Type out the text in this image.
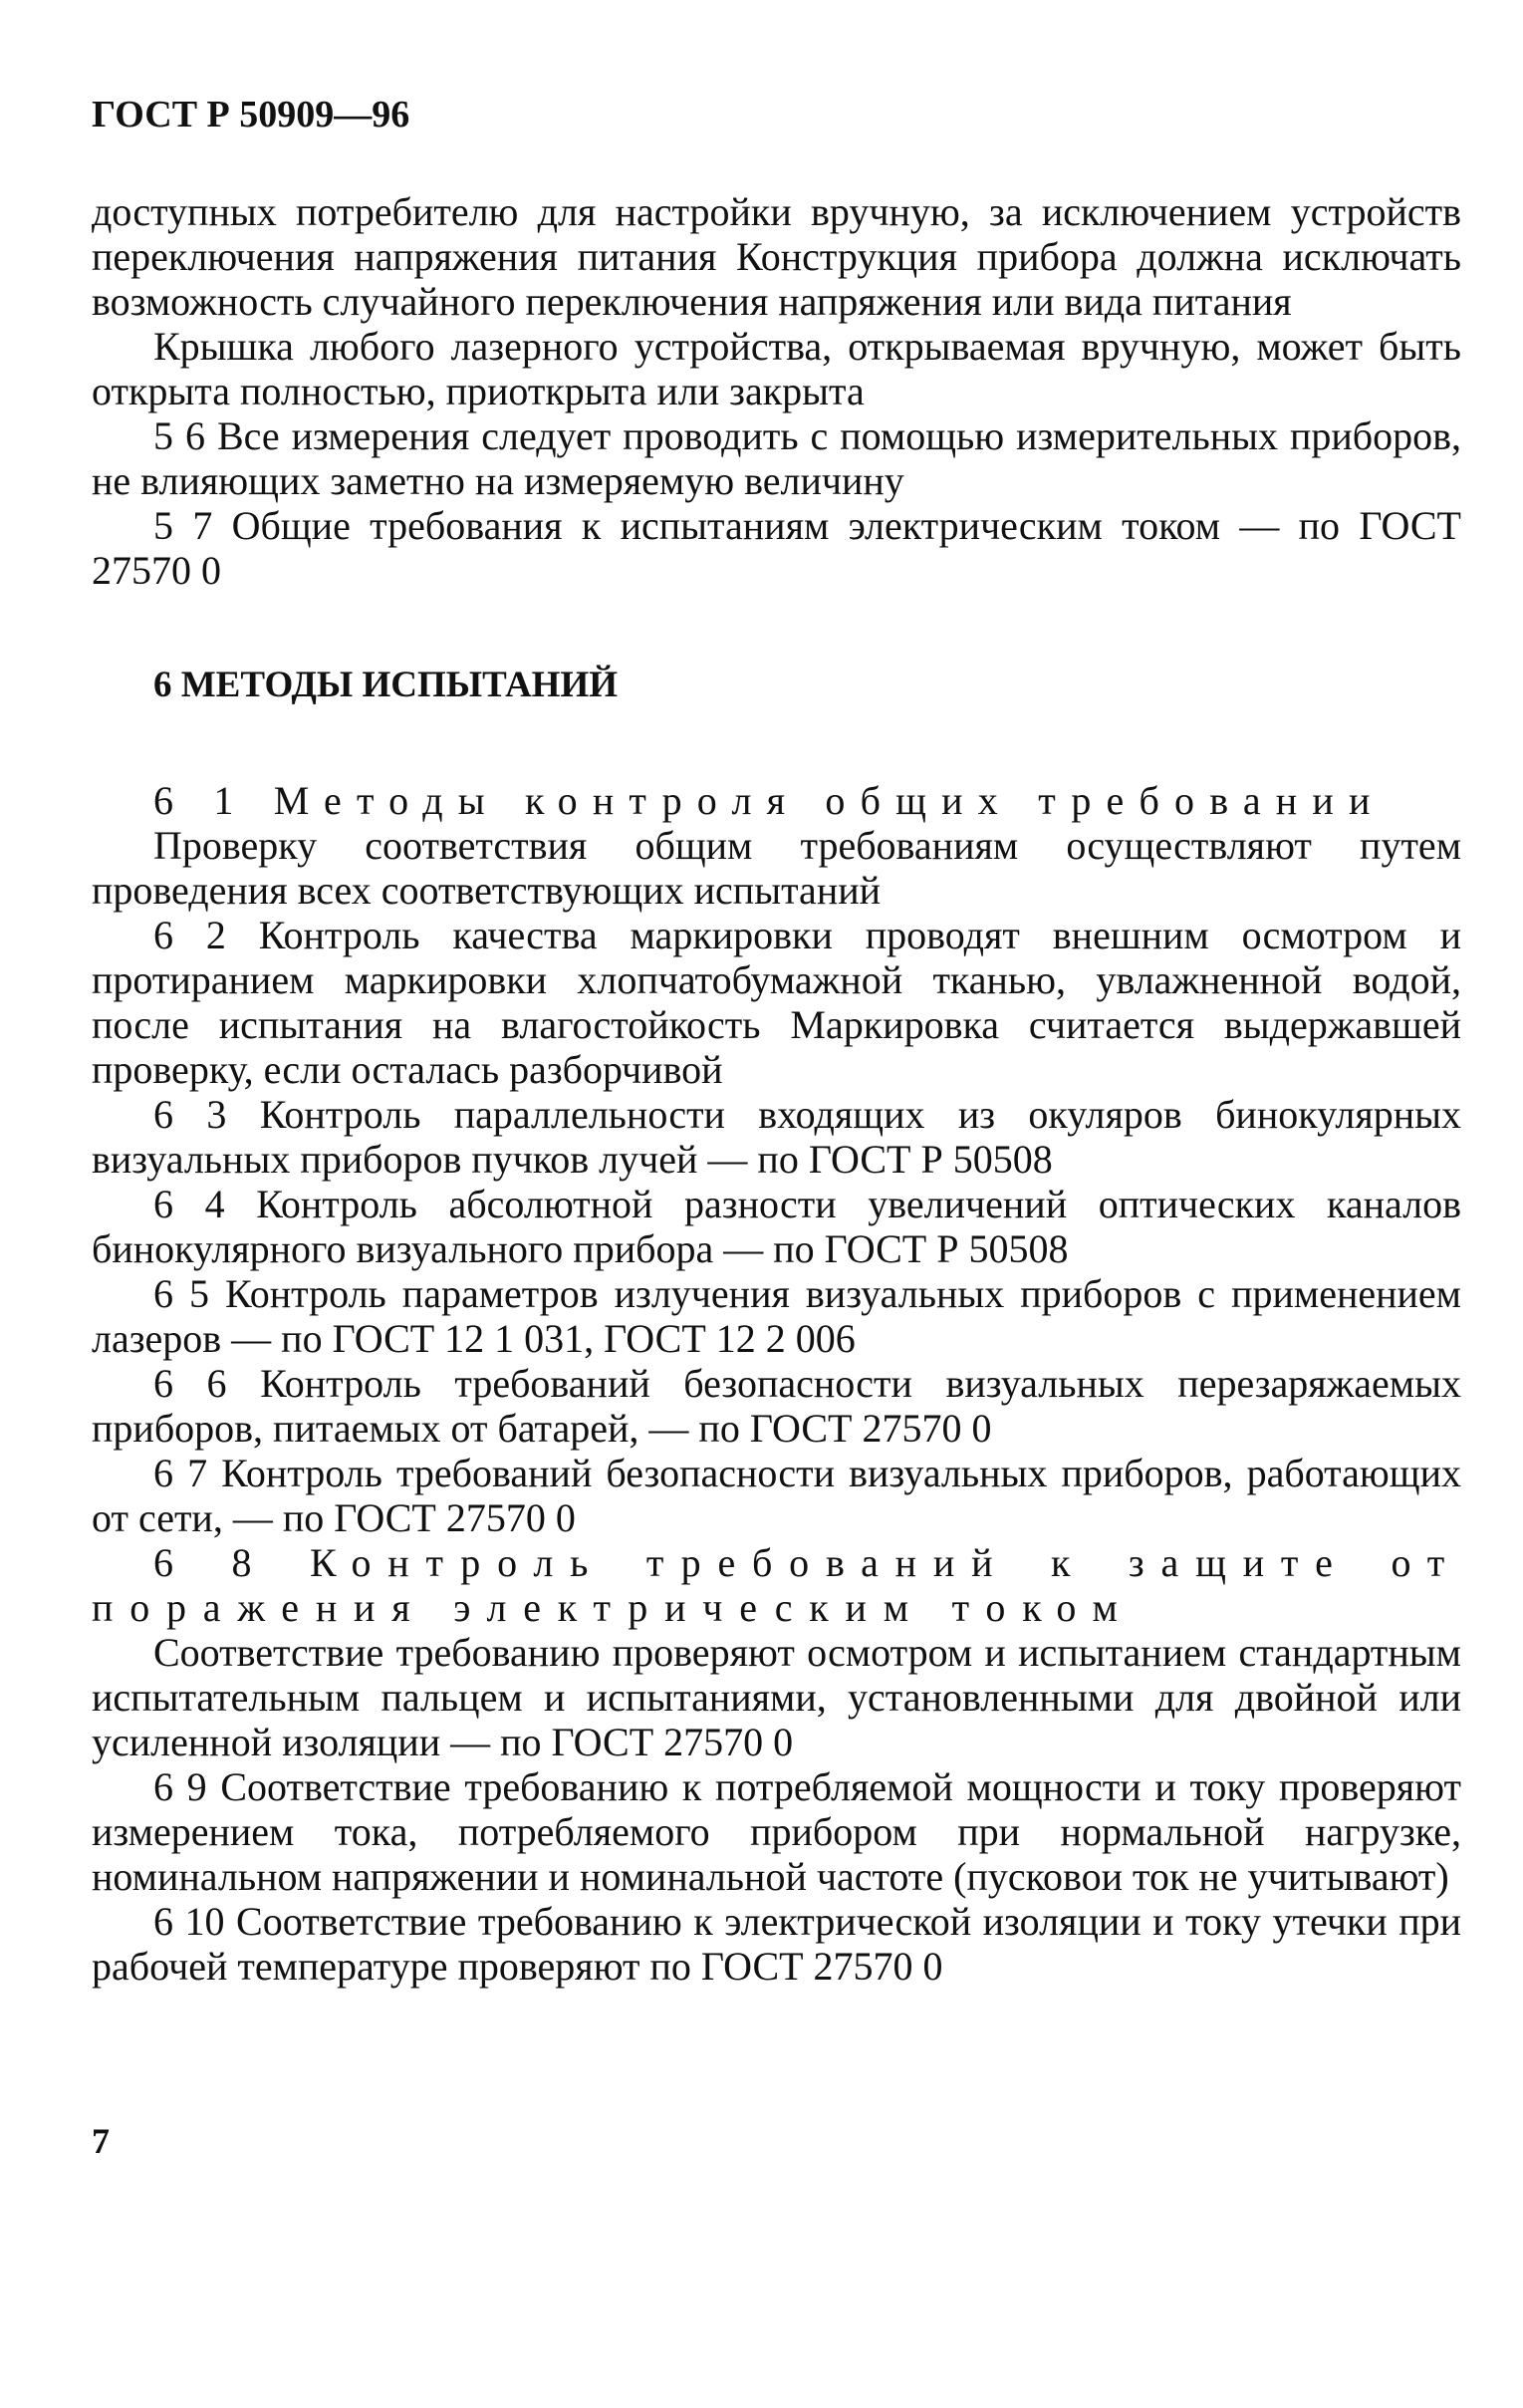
ГОСТ Р 50909—96

доступных потребителю для настройки вручную, за исключением устройств переключения напряжения питания Конструкция прибора должна исключать возможность случайного переключения напряжения или вида питания

Крышка любого лазерного устройства, открываемая вручную, может быть открыта полностью, приоткрыта или закрыта

5 6 Все измерения следует проводить с помощью измерительных приборов, не влияющих заметно на измеряемую величину

5 7 Общие требования к испытаниям электрическим током — по ГОСТ 27570 0

6 МЕТОДЫ ИСПЫТАНИЙ

6 1 Методы контроля общих требовании

Проверку соответствия общим требованиям осуществляют путем проведения всех соответствующих испытаний

6 2 Контроль качества маркировки проводят внешним осмотром и протиранием маркировки хлопчатобумажной тканью, увлажненной водой, после испытания на влагостойкость Маркировка считается выдержавшей проверку, если осталась разборчивой

6 3 Контроль параллельности входящих из окуляров бинокулярных визуальных приборов пучков лучей — по ГОСТ Р 50508

6 4 Контроль абсолютной разности увеличений оптических каналов бинокулярного визуального прибора — по ГОСТ Р 50508

6 5 Контроль параметров излучения визуальных приборов с применением лазеров — по ГОСТ 12 1 031, ГОСТ 12 2 006

6 6 Контроль требований безопасности визуальных перезаряжаемых приборов, питаемых от батарей, — по ГОСТ 27570 0

6 7 Контроль требований безопасности визуальных приборов, работающих от сети, — по ГОСТ 27570 0

6 8 Контроль требований к защите от поражения электрическим током

Соответствие требованию проверяют осмотром и испытанием стандартным испытательным пальцем и испытаниями, установленными для двойной или усиленной изоляции — по ГОСТ 27570 0

6 9 Соответствие требованию к потребляемой мощности и току проверяют измерением тока, потребляемого прибором при нормальной нагрузке, номинальном напряжении и номинальной частоте (пусковои ток не учитывают)

6 10 Соответствие требованию к электрической изоляции и току утечки при рабочей температуре проверяют по ГОСТ 27570 0

7
